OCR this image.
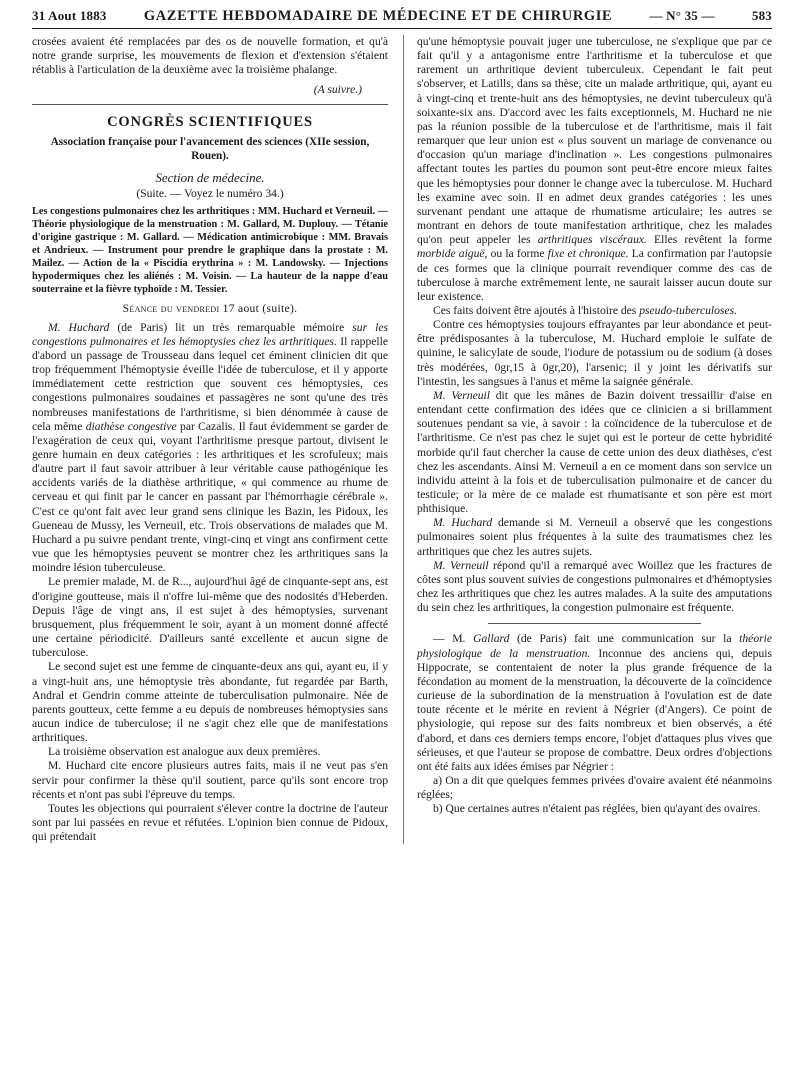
31 Aout 1883	GAZETTE HEBDOMADAIRE DE MÉDECINE ET DE CHIRURGIE	— N° 35 —	583

crosées avaient été remplacées par des os de nouvelle formation, et qu'à notre grande surprise, les mouvements de flexion et d'extension s'étaient rétablis à l'articulation de la deuxième avec la troisième phalange.

(A suivre.)

CONGRÈS SCIENTIFIQUES
Association française pour l'avancement des sciences (XIIe session, Rouen).
Section de médecine.
(Suite. — Voyez le numéro 34.)
Les congestions pulmonaires chez les arthritiques : MM. Huchard et Verneuil. — Théorie physiologique de la menstruation : M. Gallard, M. Duplouy. — Tétanie d'origine gastrique : M. Gallard. — Médication antimicrobique : MM. Bravais et Andrieux. — Instrument pour prendre le graphique dans la prostate : M. Mailez. — Action de la « Piscidia erythrina » : M. Landowsky. — Injections hypodermiques chez les aliénés : M. Voisin. — La hauteur de la nappe d'eau souterraine et la fièvre typhoïde : M. Tessier.
Séance du vendredi 17 aout (suite).

M. Huchard (de Paris) lit un très remarquable mémoire sur les congestions pulmonaires et les hémoptysies chez les arthritiques. Il rappelle d'abord un passage de Trousseau dans lequel cet éminent clinicien dit que trop fréquemment l'hémoptysie éveille l'idée de tuberculose, et il y apporte immédiatement cette restriction que souvent ces hémoptysies, ces congestions pulmonaires soudaines et passagères ne sont qu'une des très nombreuses manifestations de l'arthritisme, si bien dénommée à cause de cela même diathèse congestive par Cazalis. Il faut évidemment se garder de l'exagération de ceux qui, voyant l'arthritisme presque partout, divisent le genre humain en deux catégories : les arthritiques et les scrofuleux; mais d'autre part il faut savoir attribuer à leur véritable cause pathogénique les accidents variés de la diathèse arthritique, « qui commence au rhume de cerveau et qui finit par le cancer en passant par l'hémorrhagie cérébrale ». C'est ce qu'ont fait avec leur grand sens clinique les Bazin, les Pidoux, les Gueneau de Mussy, les Verneuil, etc. Trois observations de malades que M. Huchard a pu suivre pendant trente, vingt-cinq et vingt ans confirment cette vue que les hémoptysies peuvent se montrer chez les arthritiques sans la moindre lésion tuberculeuse.

Le premier malade, M. de R..., aujourd'hui âgé de cinquante-sept ans, est d'origine goutteuse, mais il n'offre lui-même que des nodosités d'Heberden. Depuis l'âge de vingt ans, il est sujet à des hémoptysies, survenant brusquement, plus fréquemment le soir, ayant à un moment donné affecté une certaine périodicité. D'ailleurs santé excellente et aucun signe de tuberculose.

Le second sujet est une femme de cinquante-deux ans qui, ayant eu, il y a vingt-huit ans, une hémoptysie très abondante, fut regardée par Barth, Andral et Gendrin comme atteinte de tuberculisation pulmonaire. Née de parents goutteux, cette femme a eu depuis de nombreuses hémoptysies sans aucun indice de tuberculose; il ne s'agit chez elle que de manifestations arthritiques.

La troisième observation est analogue aux deux premières.

M. Huchard cite encore plusieurs autres faits, mais il ne veut pas s'en servir pour confirmer la thèse qu'il soutient, parce qu'ils sont encore trop récents et n'ont pas subi l'épreuve du temps.

Toutes les objections qui pourraient s'élever contre la doctrine de l'auteur sont par lui passées en revue et réfutées. L'opinion bien connue de Pidoux, qui prétendait

qu'une hémoptysie pouvait juger une tuberculose, ne s'explique que par ce fait qu'il y a antagonisme entre l'arthritisme et la tuberculose et que rarement un arthritique devient tuberculeux. Cependant le fait peut s'observer, et Latills, dans sa thèse, cite un malade arthritique, qui, ayant eu à vingt-cinq et trente-huit ans des hémoptysies, ne devint tuberculeux qu'à soixante-six ans. D'accord avec les faits exceptionnels, M. Huchard ne nie pas la réunion possible de la tuberculose et de l'arthritisme, mais il fait remarquer que leur union est « plus souvent un mariage de convenance ou d'occasion qu'un mariage d'inclination ». Les congestions pulmonaires affectant toutes les parties du poumon sont peut-être encore mieux faites que les hémoptysies pour donner le change avec la tuberculose. M. Huchard les examine avec soin. Il en admet deux grandes catégories : les unes survenant pendant une attaque de rhumatisme articulaire; les autres se montrant en dehors de toute manifestation arthritique, chez les malades qu'on peut appeler les arthritiques viscéraux. Elles revêtent la forme morbide aiguë, ou la forme fixe et chronique. La confirmation par l'autopsie de ces formes que la clinique pourrait revendiquer comme des cas de tuberculose à marche extrêmement lente, ne saurait laisser aucun doute sur leur existence.

Ces faits doivent être ajoutés à l'histoire des pseudo-tuberculoses.

Contre ces hémoptysies toujours effrayantes par leur abondance et peut-être prédisposantes à la tuberculose, M. Huchard emploie le sulfate de quinine, le salicylate de soude, l'iodure de potassium ou de sodium (à doses très modérées, 0gr,15 à 0gr,20), l'arsenic; il y joint les dérivatifs sur l'intestin, les sangsues à l'anus et même la saignée générale.

M. Verneuil dit que les mânes de Bazin doivent tressaillir d'aise en entendant cette confirmation des idées que ce clinicien a si brillamment soutenues pendant sa vie, à savoir : la coïncidence de la tuberculose et de l'arthritisme. Ce n'est pas chez le sujet qui est le porteur de cette hybridité morbide qu'il faut chercher la cause de cette union des deux diathèses, c'est chez les ascendants. Ainsi M. Verneuil a en ce moment dans son service un individu atteint à la fois et de tuberculisation pulmonaire et de cancer du testicule; or la mère de ce malade est rhumatisante et son père est mort phthisique.

M. Huchard demande si M. Verneuil a observé que les congestions pulmonaires soient plus fréquentes à la suite des traumatismes chez les arthritiques que chez les autres sujets.

M. Verneuil répond qu'il a remarqué avec Woillez que les fractures de côtes sont plus souvent suivies de congestions pulmonaires et d'hémoptysies chez les arthritiques que chez les autres malades. A la suite des amputations du sein chez les arthritiques, la congestion pulmonaire est fréquente.

— M. Gallard (de Paris) fait une communication sur la théorie physiologique de la menstruation. Inconnue des anciens qui, depuis Hippocrate, se contentaient de noter la plus grande fréquence de la fécondation au moment de la menstruation, la découverte de la coïncidence curieuse de la subordination de la menstruation à l'ovulation est de date toute récente et le mérite en revient à Négrier (d'Angers). Ce point de physiologie, qui repose sur des faits nombreux et bien observés, a été d'abord, et dans ces derniers temps encore, l'objet d'attaques plus vives que sérieuses, et que l'auteur se propose de combattre. Deux ordres d'objections ont été faits aux idées émises par Négrier :

a) On a dit que quelques femmes privées d'ovaire avaient été néanmoins réglées;

b) Que certaines autres n'étaient pas réglées, bien qu'ayant des ovaires.
